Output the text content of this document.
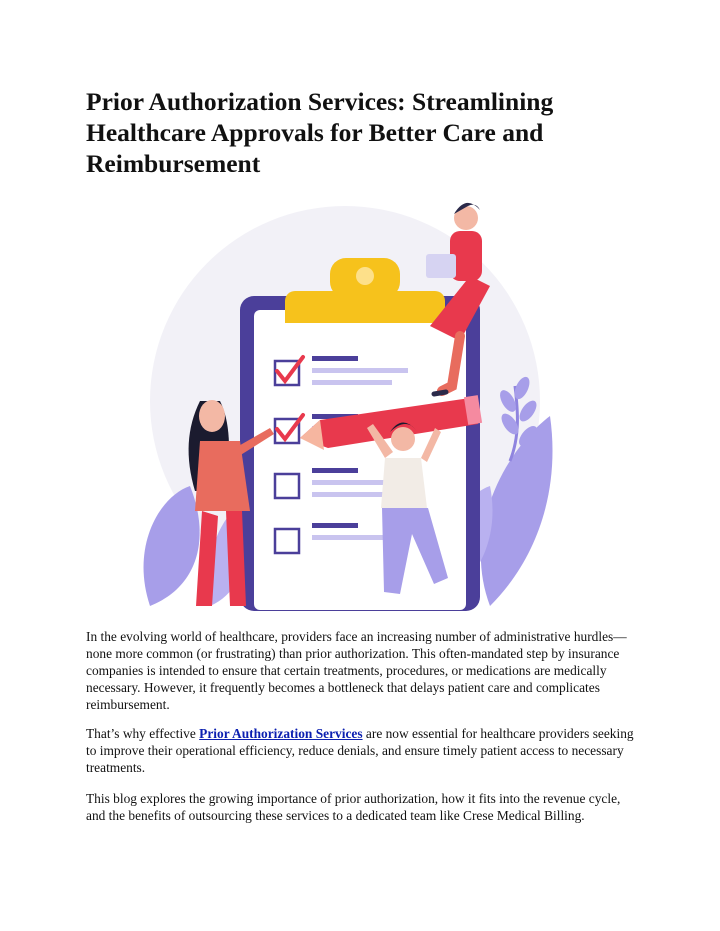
Prior Authorization Services: Streamlining Healthcare Approvals for Better Care and Reimbursement

In the evolving world of healthcare, providers face an increasing number of administrative hurdles—none more common (or frustrating) than prior authorization. This often-mandated step by insurance companies is intended to ensure that certain treatments, procedures, or medications are medically necessary. However, it frequently becomes a bottleneck that delays patient care and complicates reimbursement.

That’s why effective Prior Authorization Services are now essential for healthcare providers seeking to improve their operational efficiency, reduce denials, and ensure timely patient access to necessary treatments.

This blog explores the growing importance of prior authorization, how it fits into the revenue cycle, and the benefits of outsourcing these services to a dedicated team like Crese Medical Billing.
